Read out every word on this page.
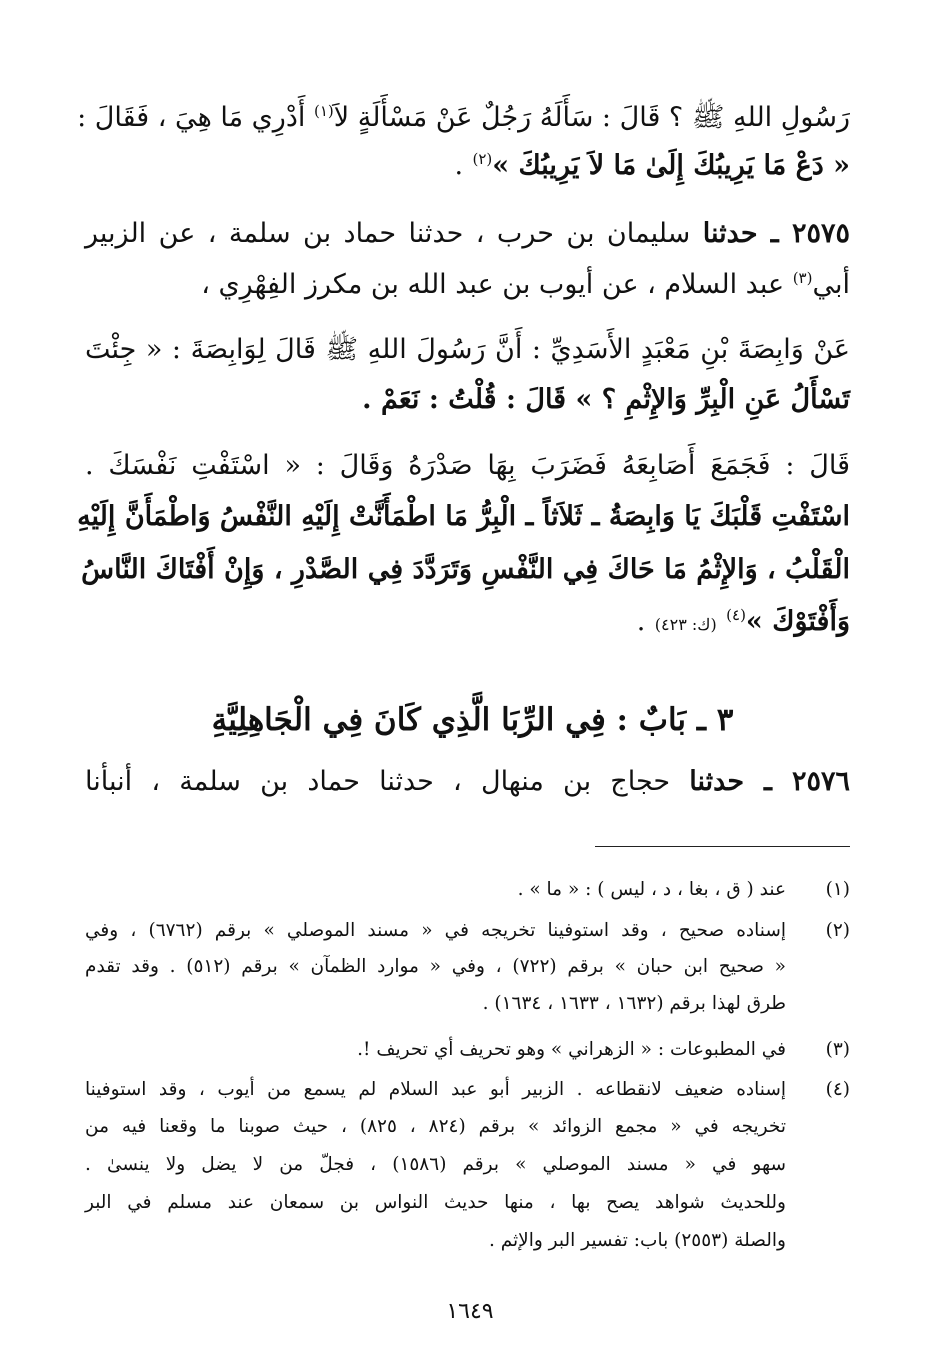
رَسُولِ اللهِ ﷺ ؟ قَالَ : سَأَلَهُ رَجُلٌ عَنْ مَسْأَلَةٍ لاَ$^{(١)}$ أَدْرِي مَا هِيَ ، فَقَالَ :
« دَعْ مَا يَرِيبُكَ إِلَىٰ مَا لاَ يَرِيبُكَ »$^{(٢)}$ .
٢٥٧٥ ـ حدثنا سليمان بن حرب ، حدثنا حماد بن سلمة ، عن الزبير
أبي$^{(٣)}$ عبد السلام ، عن أيوب بن عبد الله بن مكرز الفِهْرِي ،
عَنْ وَابِصَةَ بْنِ مَعْبَدٍ الأَسَدِيِّ : أَنَّ رَسُولَ اللهِ ﷺ قَالَ لِوَابِصَةَ : « جِئْتَ
تَسْأَلُ عَنِ الْبِرِّ وَالإِثْمِ ؟ » قَالَ : قُلْتُ : نَعَمْ .
قَالَ : فَجَمَعَ أَصَابِعَهُ فَضَرَبَ بِهَا صَدْرَهُ وَقَالَ : « اسْتَفْتِ نَفْسَكَ .
اسْتَفْتِ قَلْبَكَ يَا وَابِصَةُ ـ ثَلاَثاً ـ الْبِرُّ مَا اطْمَأَنَّتْ إِلَيْهِ النَّفْسُ وَاطْمَأَنَّ إِلَيْهِ
الْقَلْبُ ، وَالإِثْمُ مَا حَاكَ فِي النَّفْسِ وَتَرَدَّدَ فِي الصَّدْرِ ، وَإِنْ أَفْتَاكَ النَّاسُ
وَأَفْتَوْكَ »$^{(٤)}$ (ك: ٤٢٣) .
٣ ـ بَابٌ : فِي الرِّبَا الَّذِي كَانَ فِي الْجَاهِلِيَّةِ
٢٥٧٦ ـ حدثنا حجاج بن منهال ، حدثنا حماد بن سلمة ، أنبأنا
(١)
عند ( ق ، بغا ، د ، ليس ) : « ما » .
(٢)
إسناده صحيح ، وقد استوفينا تخريجه في « مسند الموصلي » برقم (٦٧٦٢) ، وفي
« صحيح ابن حبان » برقم (٧٢٢) ، وفي « موارد الظمآن » برقم (٥١٢) . وقد تقدم
طرق لهذا برقم (١٦٣٢ ، ١٦٣٣ ، ١٦٣٤) .
(٣)
في المطبوعات : « الزهراني » وهو تحريف أي تحريف !.
(٤)
إسناده ضعيف لانقطاعه . الزبير أبو عبد السلام لم يسمع من أيوب ، وقد استوفينا
تخريجه في « مجمع الزوائد » برقم (٨٢٤ ، ٨٢٥) ، حيث صوبنا ما وقعنا فيه من
سهو في « مسند الموصلي » برقم (١٥٨٦) ، فجلّ من لا يضل ولا ينسىٰ .
وللحديث شواهد يصح بها ، منها حديث النواس بن سمعان عند مسلم في البر
والصلة (٢٥٥٣) باب: تفسير البر والإثم .
١٦٤٩
